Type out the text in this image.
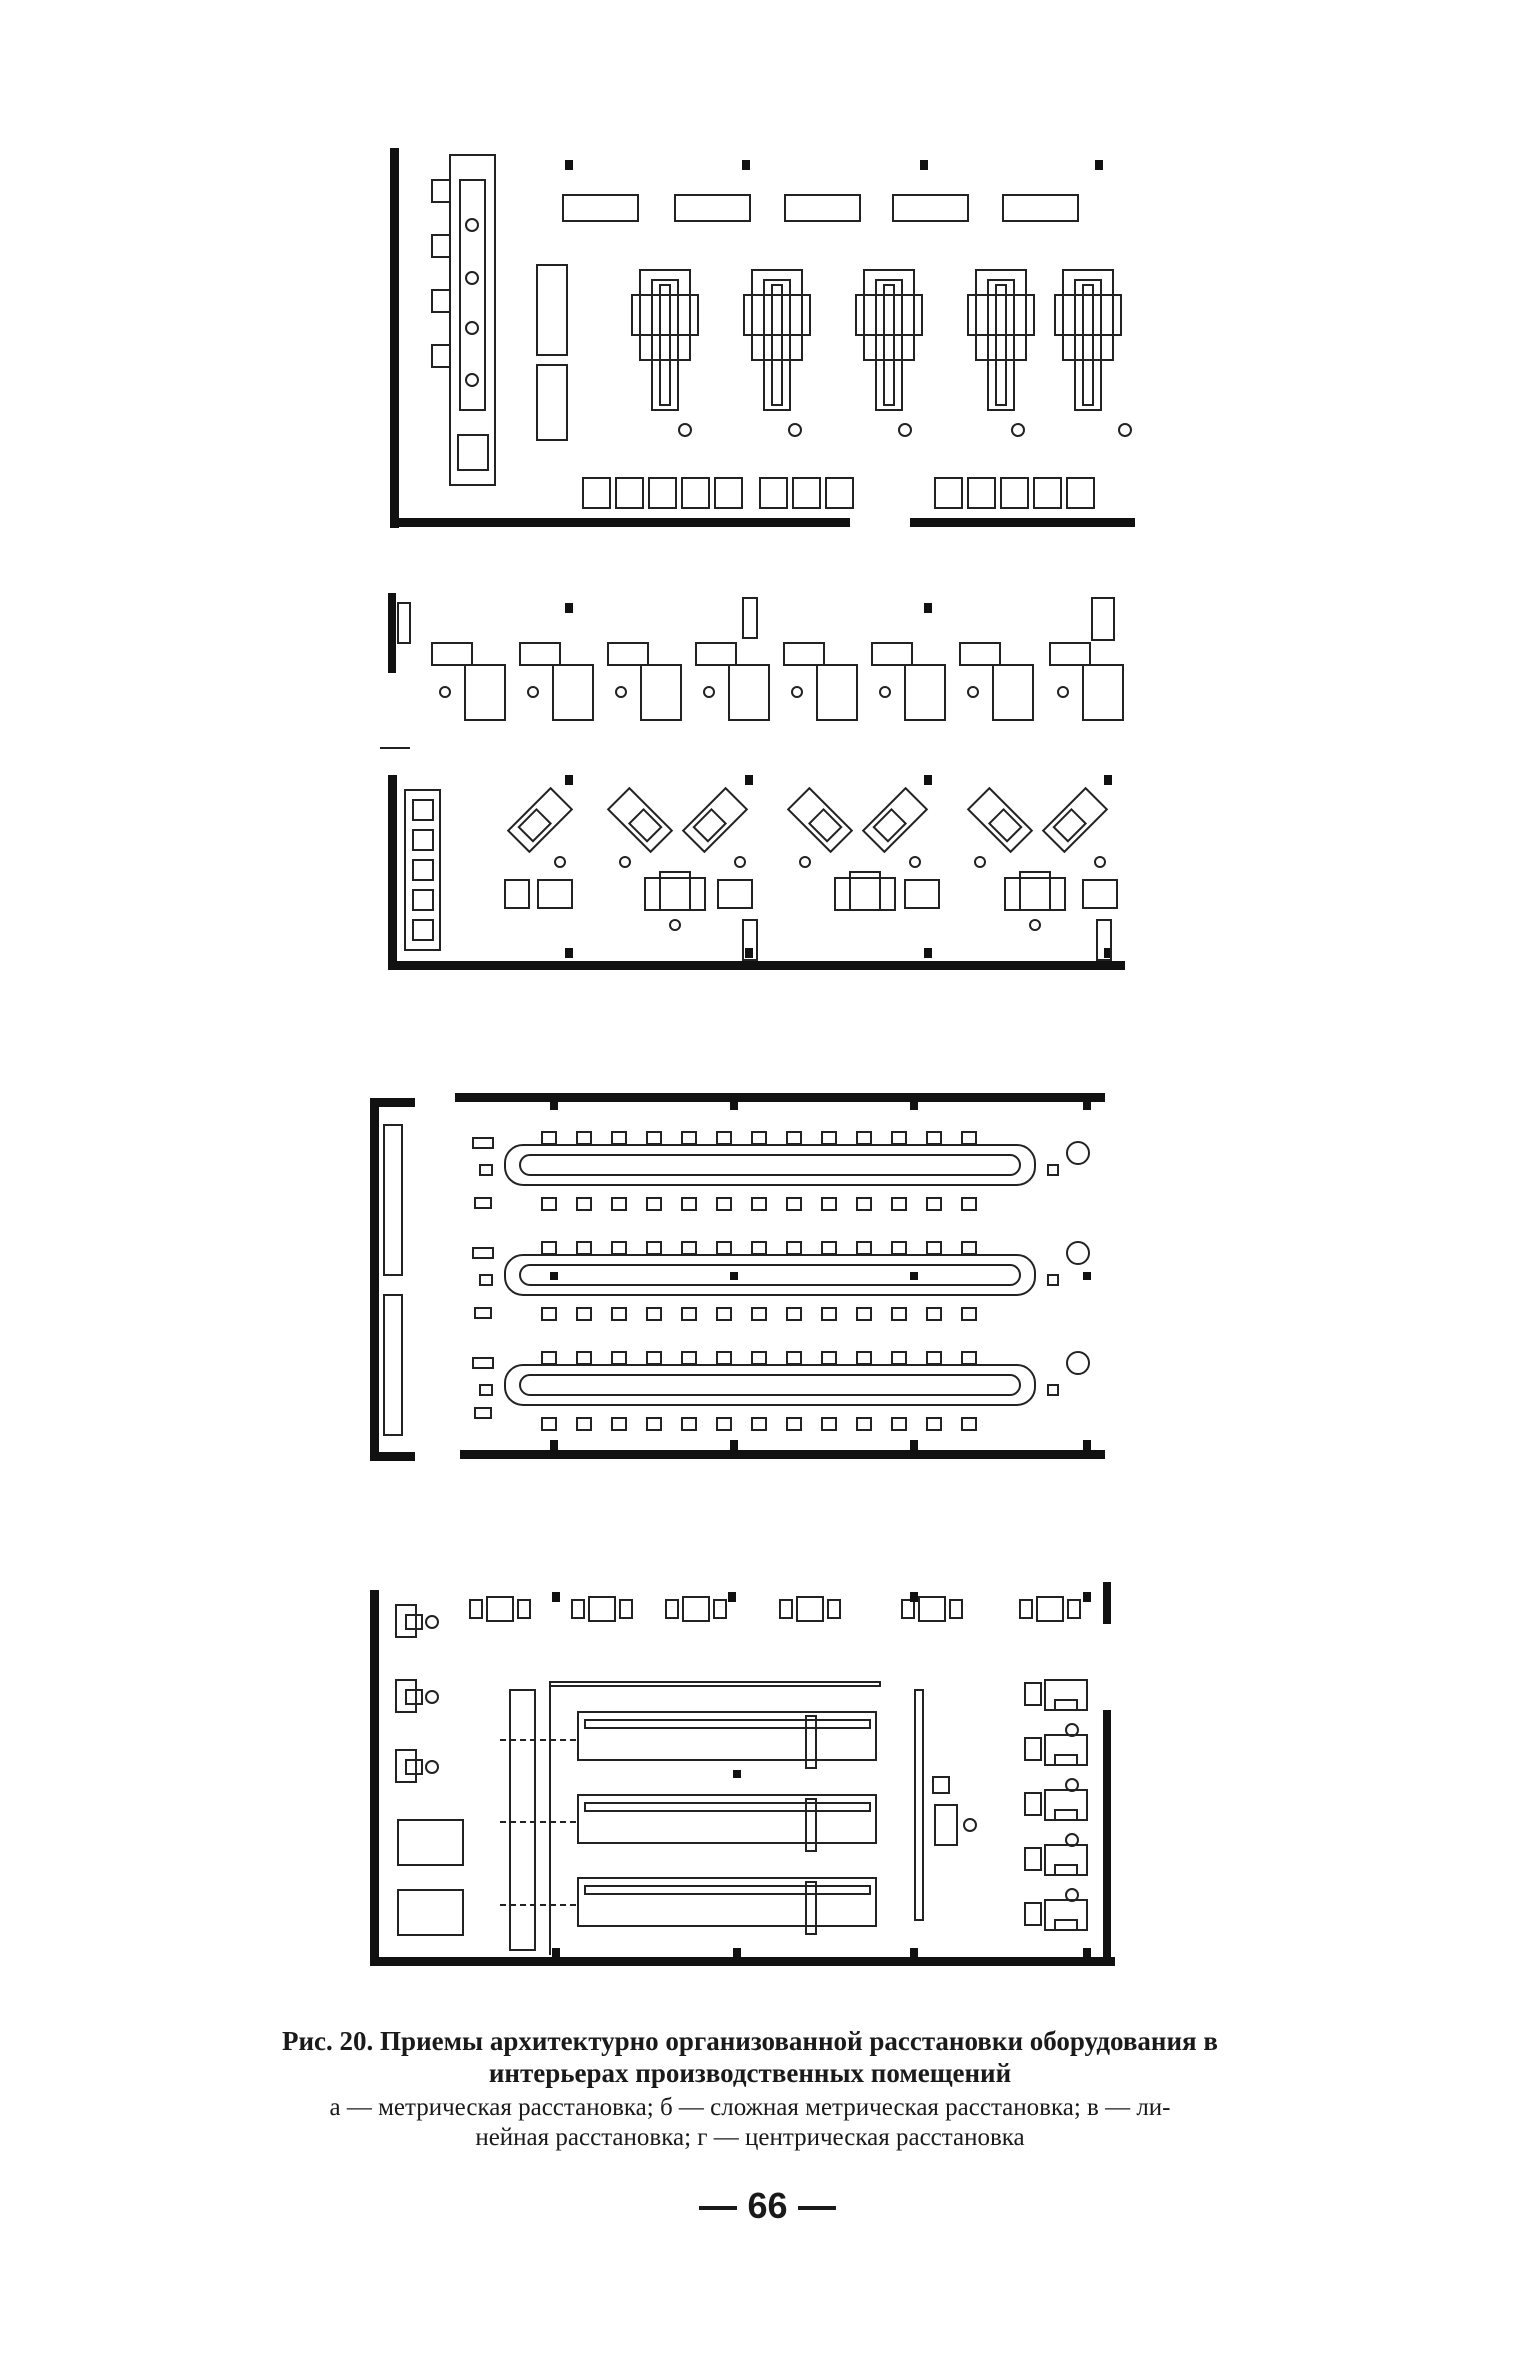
Рис. 20. Приемы архитектурно организованной расстановки оборудования в
интерьерах производственных помещений
а — метрическая расстановка; б — сложная метрическая расстановка; в — ли-
нейная расстановка; г — центрическая расстановка
66
